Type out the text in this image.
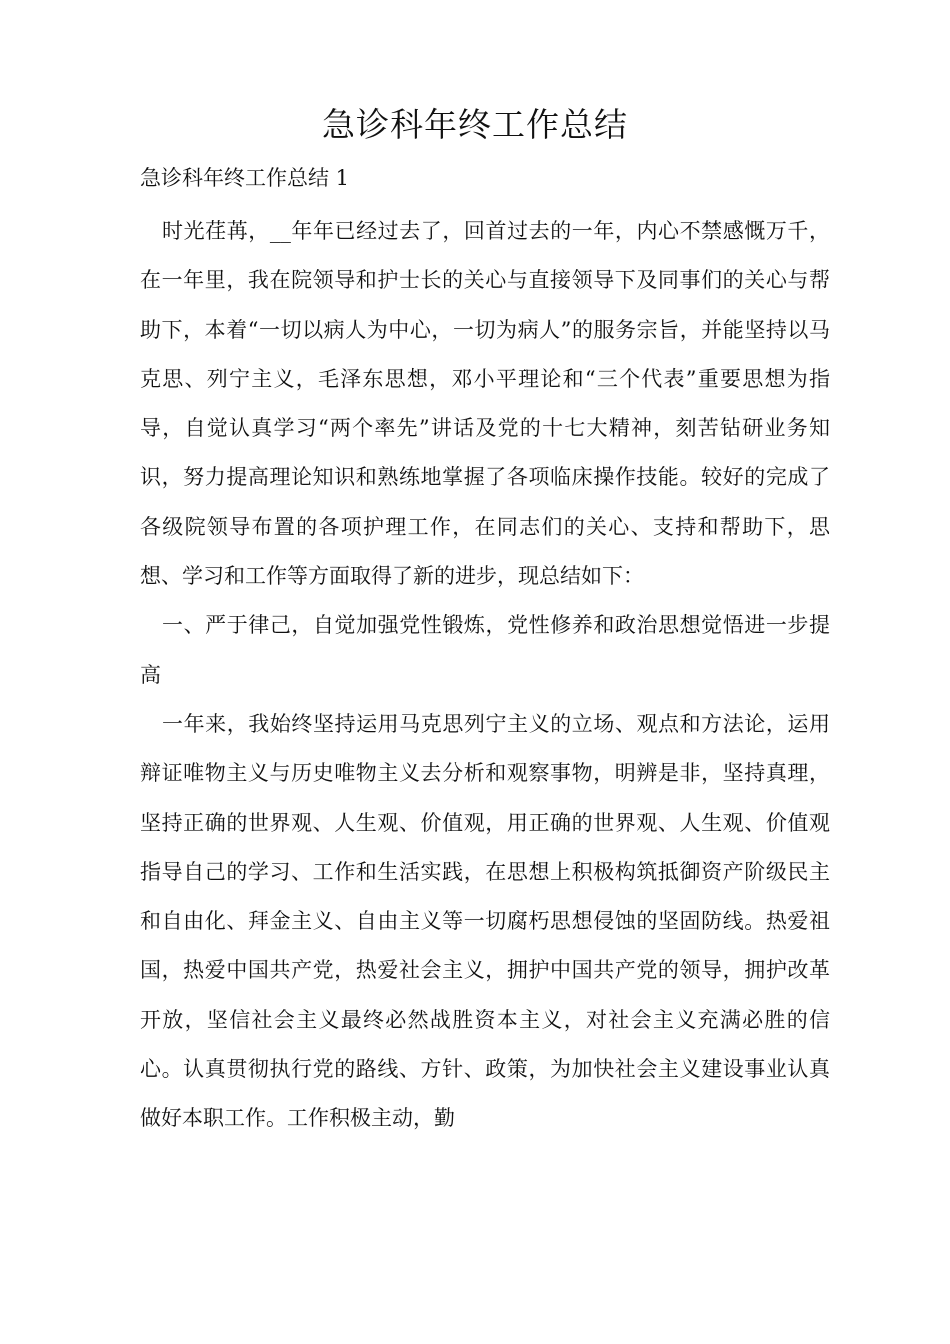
急诊科年终工作总结
急诊科年终工作总结 1

时光荏苒，__年年已经过去了，回首过去的一年，内心不禁感慨万千，在一年里，我在院领导和护士长的关心与直接领导下及同事们的关心与帮助下，本着“一切以病人为中心，一切为病人”的服务宗旨，并能坚持以马克思、列宁主义，毛泽东思想，邓小平理论和“三个代表”重要思想为指导，自觉认真学习“两个率先”讲话及党的十七大精神，刻苦钻研业务知识，努力提高理论知识和熟练地掌握了各项临床操作技能。较好的完成了各级院领导布置的各项护理工作，在同志们的关心、支持和帮助下，思想、学习和工作等方面取得了新的进步，现总结如下：

一、严于律己，自觉加强党性锻炼，党性修养和政治思想觉悟进一步提高

一年来，我始终坚持运用马克思列宁主义的立场、观点和方法论，运用辩证唯物主义与历史唯物主义去分析和观察事物，明辨是非，坚持真理，坚持正确的世界观、人生观、价值观，用正确的世界观、人生观、价值观指导自己的学习、工作和生活实践，在思想上积极构筑抵御资产阶级民主和自由化、拜金主义、自由主义等一切腐朽思想侵蚀的坚固防线。热爱祖国，热爱中国共产党，热爱社会主义，拥护中国共产党的领导，拥护改革开放，坚信社会主义最终必然战胜资本主义，对社会主义充满必胜的信心。认真贯彻执行党的路线、方针、政策，为加快社会主义建设事业认真做好本职工作。工作积极主动，勤
